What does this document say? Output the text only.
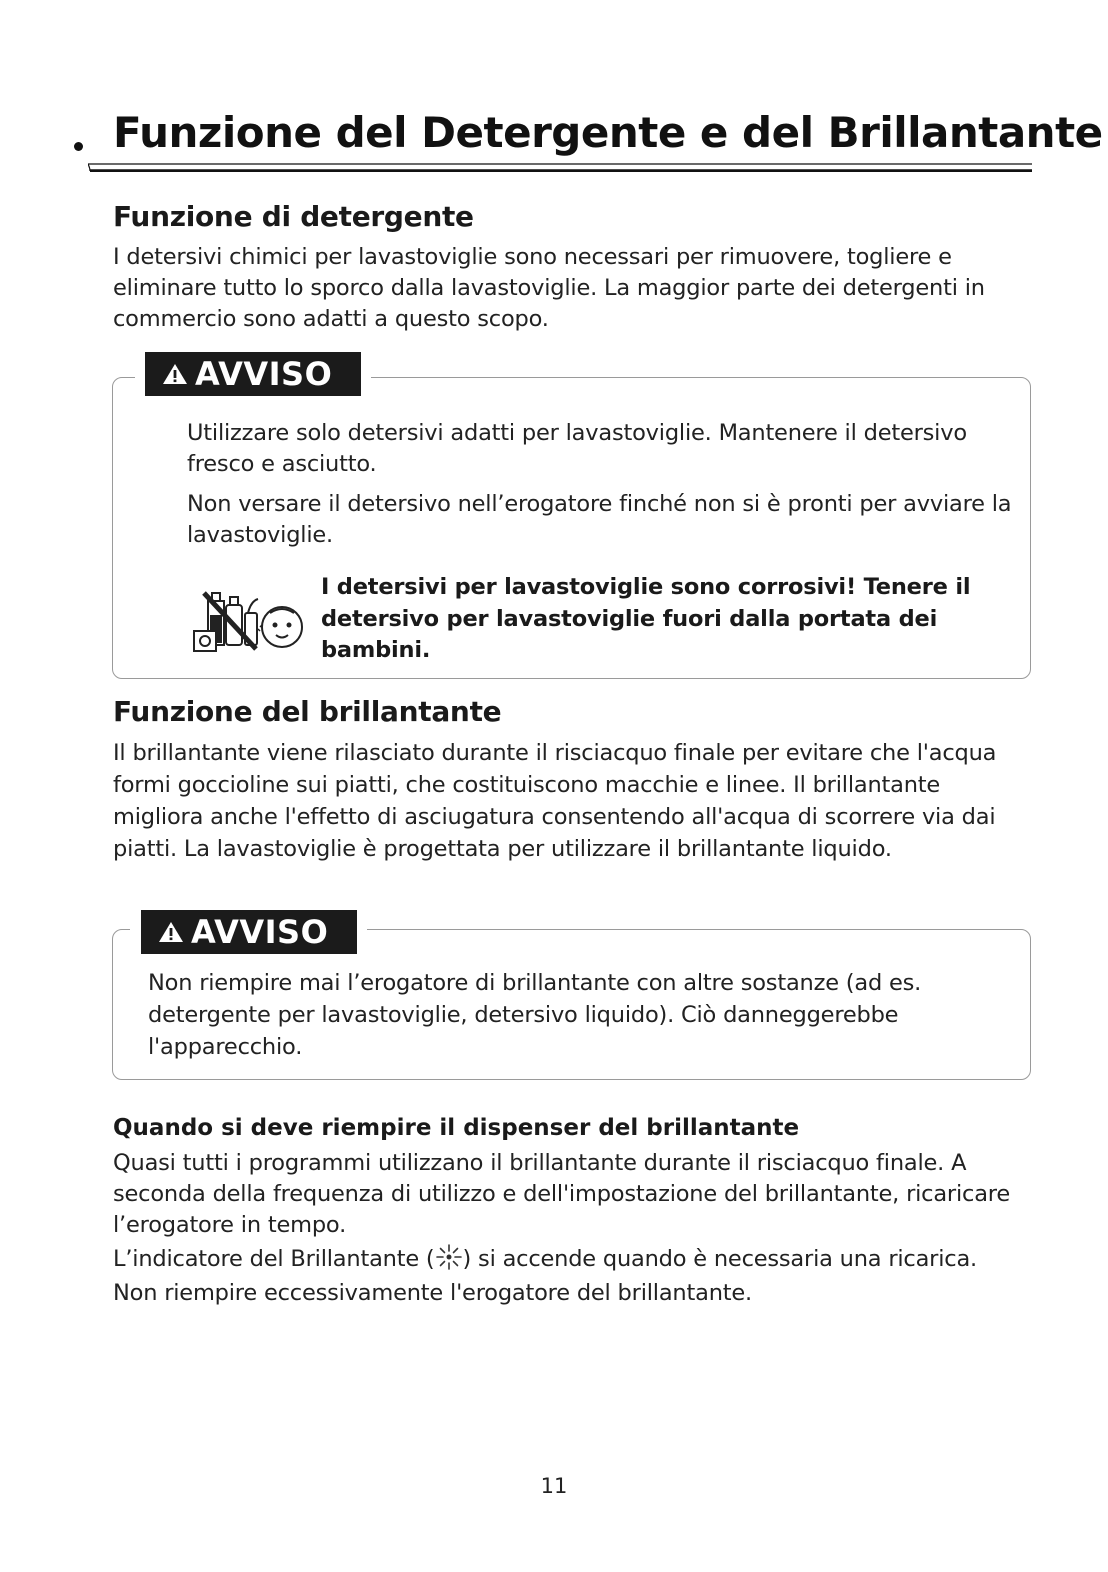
Funzione del Detergente e del Brillantante
Funzione di detergente

I detersivi chimici per lavastoviglie sono necessari per rimuovere, togliere e eliminare tutto lo sporco dalla lavastoviglie. La maggior parte dei detergenti in commercio sono adatti a questo scopo.

AVVISO

Utilizzare solo detersivi adatti per lavastoviglie. Mantenere il detersivo fresco e asciutto.

Non versare il detersivo nell’erogatore finché non si è pronti per avviare la lavastoviglie.

I detersivi per lavastoviglie sono corrosivi! Tenere il detersivo per lavastoviglie fuori dalla portata dei bambini.

Funzione del brillantante

Il brillantante viene rilasciato durante il risciacquo finale per evitare che l'acqua formi goccioline sui piatti, che costituiscono macchie e linee. Il brillantante migliora anche l'effetto di asciugatura consentendo all'acqua di scorrere via dai piatti. La lavastoviglie è progettata per utilizzare il brillantante liquido.

AVVISO

Non riempire mai l’erogatore di brillantante con altre sostanze (ad es. detergente per lavastoviglie, detersivo liquido). Ciò danneggerebbe l'apparecchio.

Quando si deve riempire il dispenser del brillantante

Quasi tutti i programmi utilizzano il brillantante durante il risciacquo finale. A seconda della frequenza di utilizzo e dell'impostazione del brillantante, ricaricare l’erogatore in tempo.

L’indicatore del Brillantante ( ) si accende quando è necessaria una ricarica.

Non riempire eccessivamente l'erogatore del brillantante.

11
